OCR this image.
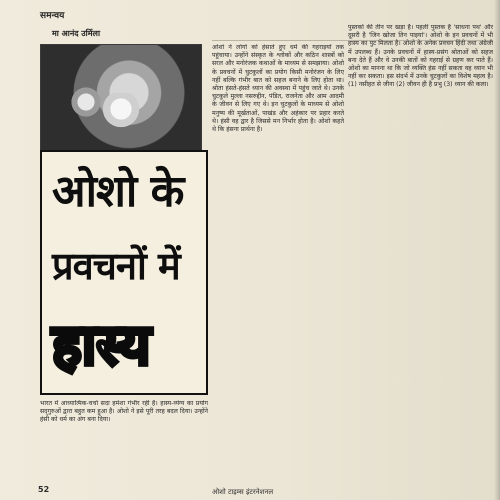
समन्वय
मा आनंद उर्मिला
ओशो के
प्रवचनों में
हास्य

भारत में आध्यात्मिक-चर्चा सदा हमेशा गंभीर रही है। हास्य-व्यंग्य का प्रयोग सद्‌गुरुओं द्वारा बहुत कम हुआ है। ओशो ने इसे पूरी तरह बदल दिया। उन्होंने हंसी को धर्म का अंग बना दिया।

ओशो ने लोगों को हंसाते हुए धर्म की गहराइयों तक पहुंचाया। उन्होंने संस्कृत के श्लोकों और कठिन शास्त्रों को सरल और मनोरंजक कथाओं के माध्यम से समझाया। ओशो के प्रवचनों में चुटकुलों का प्रयोग किसी मनोरंजन के लिए नहीं बल्कि गंभीर बात को सहज बनाने के लिए होता था। श्रोता हंसते-हंसते ध्यान की अवस्था में पहुंच जाते थे। उनके चुटकुले मुल्ला नसरुद्दीन, पंडित, राजनेता और आम आदमी के जीवन से लिए गए थे। इन चुटकुलों के माध्यम से ओशो मनुष्य की मूर्खताओं, पाखंड और अहंकार पर प्रहार करते थे। हंसी वह द्वार है जिससे मन निर्भार होता है। ओशो कहते थे कि हंसना प्रार्थना है।

पुस्तकों की तीन पर खड़ा है। पहली पुस्तक है 'साधना पथ' और दूसरी है 'जिन खोजा तिन पाइयां'। ओशो के इन प्रवचनों में भी हास्य का पुट मिलता है। ओशो के अनेक प्रवचन हिंदी तथा अंग्रेजी में उपलब्ध हैं। उनके प्रवचनों में हास्य-प्रसंग श्रोताओं को सहज बना देते हैं और वे उनकी बातों को गहराई से ग्रहण कर पाते हैं। ओशो का मानना था कि जो व्यक्ति हंस नहीं सकता वह ध्यान भी नहीं कर सकता। इस संदर्भ में उनके चुटकुलों का विशेष महत्व है। (1) नसीहत से जीना (2) जीवन ही है प्रभु (3) ध्यान की कला।

52	ओशो टाइम्स इंटरनेशनल
